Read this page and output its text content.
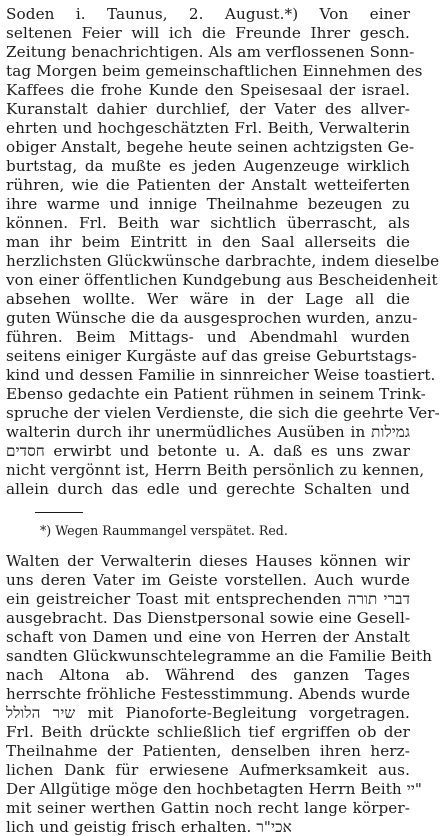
Soden i. Taunus, 2. August.*) Von einer
seltenen Feier will ich die Freunde Ihrer gesch.
Zeitung benachrichtigen. Als am verflossenen Sonn-
tag Morgen beim gemeinschaftlichen Einnehmen des
Kaffees die frohe Kunde den Speisesaal der israel.
Kuranstalt dahier durchlief, der Vater des allver-
ehrten und hochgeschätzten Frl. Beith, Verwalterin
obiger Anstalt, begehe heute seinen achtzigsten Ge-
burtstag, da mußte es jeden Augenzeuge wirklich
rühren, wie die Patienten der Anstalt wetteiferten
ihre warme und innige Theilnahme bezeugen zu
können. Frl. Beith war sichtlich überrascht, als
man ihr beim Eintritt in den Saal allerseits die
herzlichsten Glückwünsche darbrachte, indem dieselbe
von einer öffentlichen Kundgebung aus Bescheidenheit
absehen wollte. Wer wäre in der Lage all die
guten Wünsche die da ausgesprochen wurden, anzu-
führen. Beim Mittags- und Abendmahl wurden
seitens einiger Kurgäste auf das greise Geburtstags-
kind und dessen Familie in sinnreicher Weise toastiert.
Ebenso gedachte ein Patient rühmen in seinem Trink-
spruche der vielen Verdienste, die sich die geehrte Ver-
walterin durch ihr unermüdliches Ausüben in גמילות
חסדים erwirbt und betonte u. A. daß es uns zwar
nicht vergönnt ist, Herrn Beith persönlich zu kennen,
allein durch das edle und gerechte Schalten und
*) Wegen Raummangel verspätet. Red.
Walten der Verwalterin dieses Hauses können wir
uns deren Vater im Geiste vorstellen. Auch wurde
ein geistreicher Toast mit entsprechenden דברי תורה
ausgebracht. Das Dienstpersonal sowie eine Gesell-
schaft von Damen und eine von Herren der Anstalt
sandten Glückwunschtelegramme an die Familie Beith
nach Altona ab. Während des ganzen Tages
herrschte fröhliche Festesstimmung. Abends wurde
שיר הלולל mit Pianoforte-Begleitung vorgetragen.
Frl. Beith drückte schließlich tief ergriffen ob der
Theilnahme der Patienten, denselben ihren herz-
lichen Dank für erwiesene Aufmerksamkeit aus.
Der Allgütige möge den hochbetagten Herrn Beith יי"
mit seiner werthen Gattin noch recht lange körper-
lich und geistig frisch erhalten. אכי"ר
